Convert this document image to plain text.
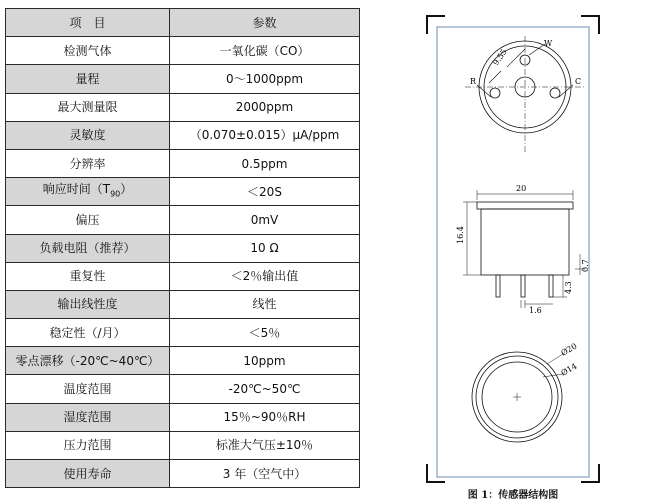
项　目	参数
检测气体	一氧化碳（CO）
量程	0～1000ppm
最大测量限	2000ppm
灵敏度	（0.070±0.015）μA/ppm
分辨率	0.5ppm
响应时间$(T_{90})$	＜20S
偏压	0mV
负载电阻（推荐）	10 Ω
重复性	＜2％输出值
输出线性度	线性
稳定性（/月）	＜5％
零点漂移（-20℃~40℃）	10ppm
温度范围	-20℃~50℃
湿度范围	15％~90％RH
压力范围	标准大气压±10％
使用寿命	3 年（空气中）
9.55
W
R	C
20
16.4
0.7
4.3
1.6
Ø20
Ø14
图 1：传感器结构图
